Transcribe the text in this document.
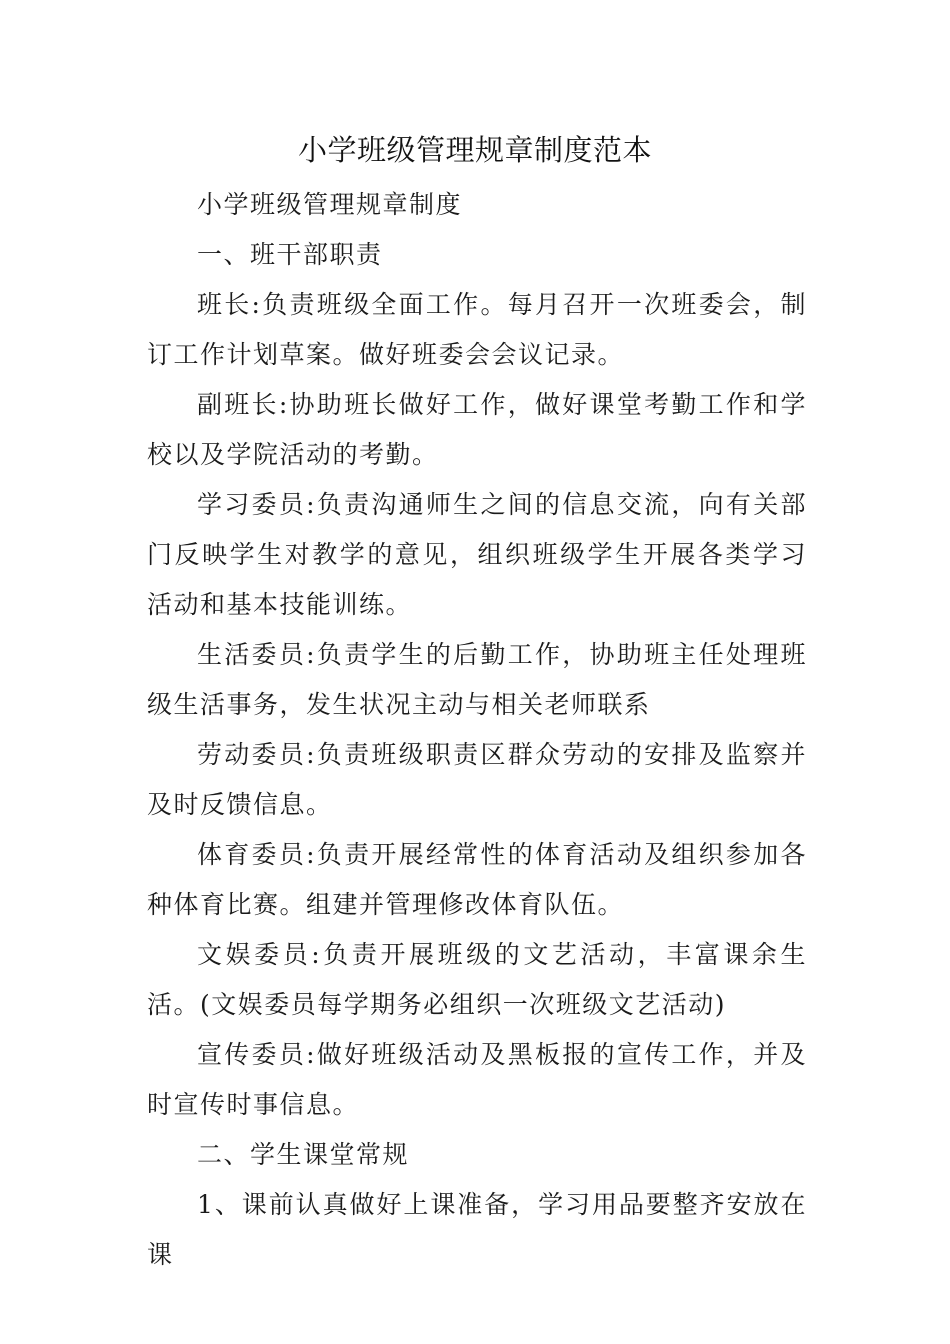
小学班级管理规章制度范本

小学班级管理规章制度

一、班干部职责

班长:负责班级全面工作。每月召开一次班委会，制订工作计划草案。做好班委会会议记录。

副班长:协助班长做好工作，做好课堂考勤工作和学校以及学院活动的考勤。

学习委员:负责沟通师生之间的信息交流，向有关部门反映学生对教学的意见，组织班级学生开展各类学习活动和基本技能训练。

生活委员:负责学生的后勤工作，协助班主任处理班级生活事务，发生状况主动与相关老师联系

劳动委员:负责班级职责区群众劳动的安排及监察并及时反馈信息。

体育委员:负责开展经常性的体育活动及组织参加各种体育比赛。组建并管理修改体育队伍。

文娱委员:负责开展班级的文艺活动，丰富课余生活。(文娱委员每学期务必组织一次班级文艺活动)

宣传委员:做好班级活动及黑板报的宣传工作，并及时宣传时事信息。

二、学生课堂常规

1、课前认真做好上课准备，学习用品要整齐安放在课
